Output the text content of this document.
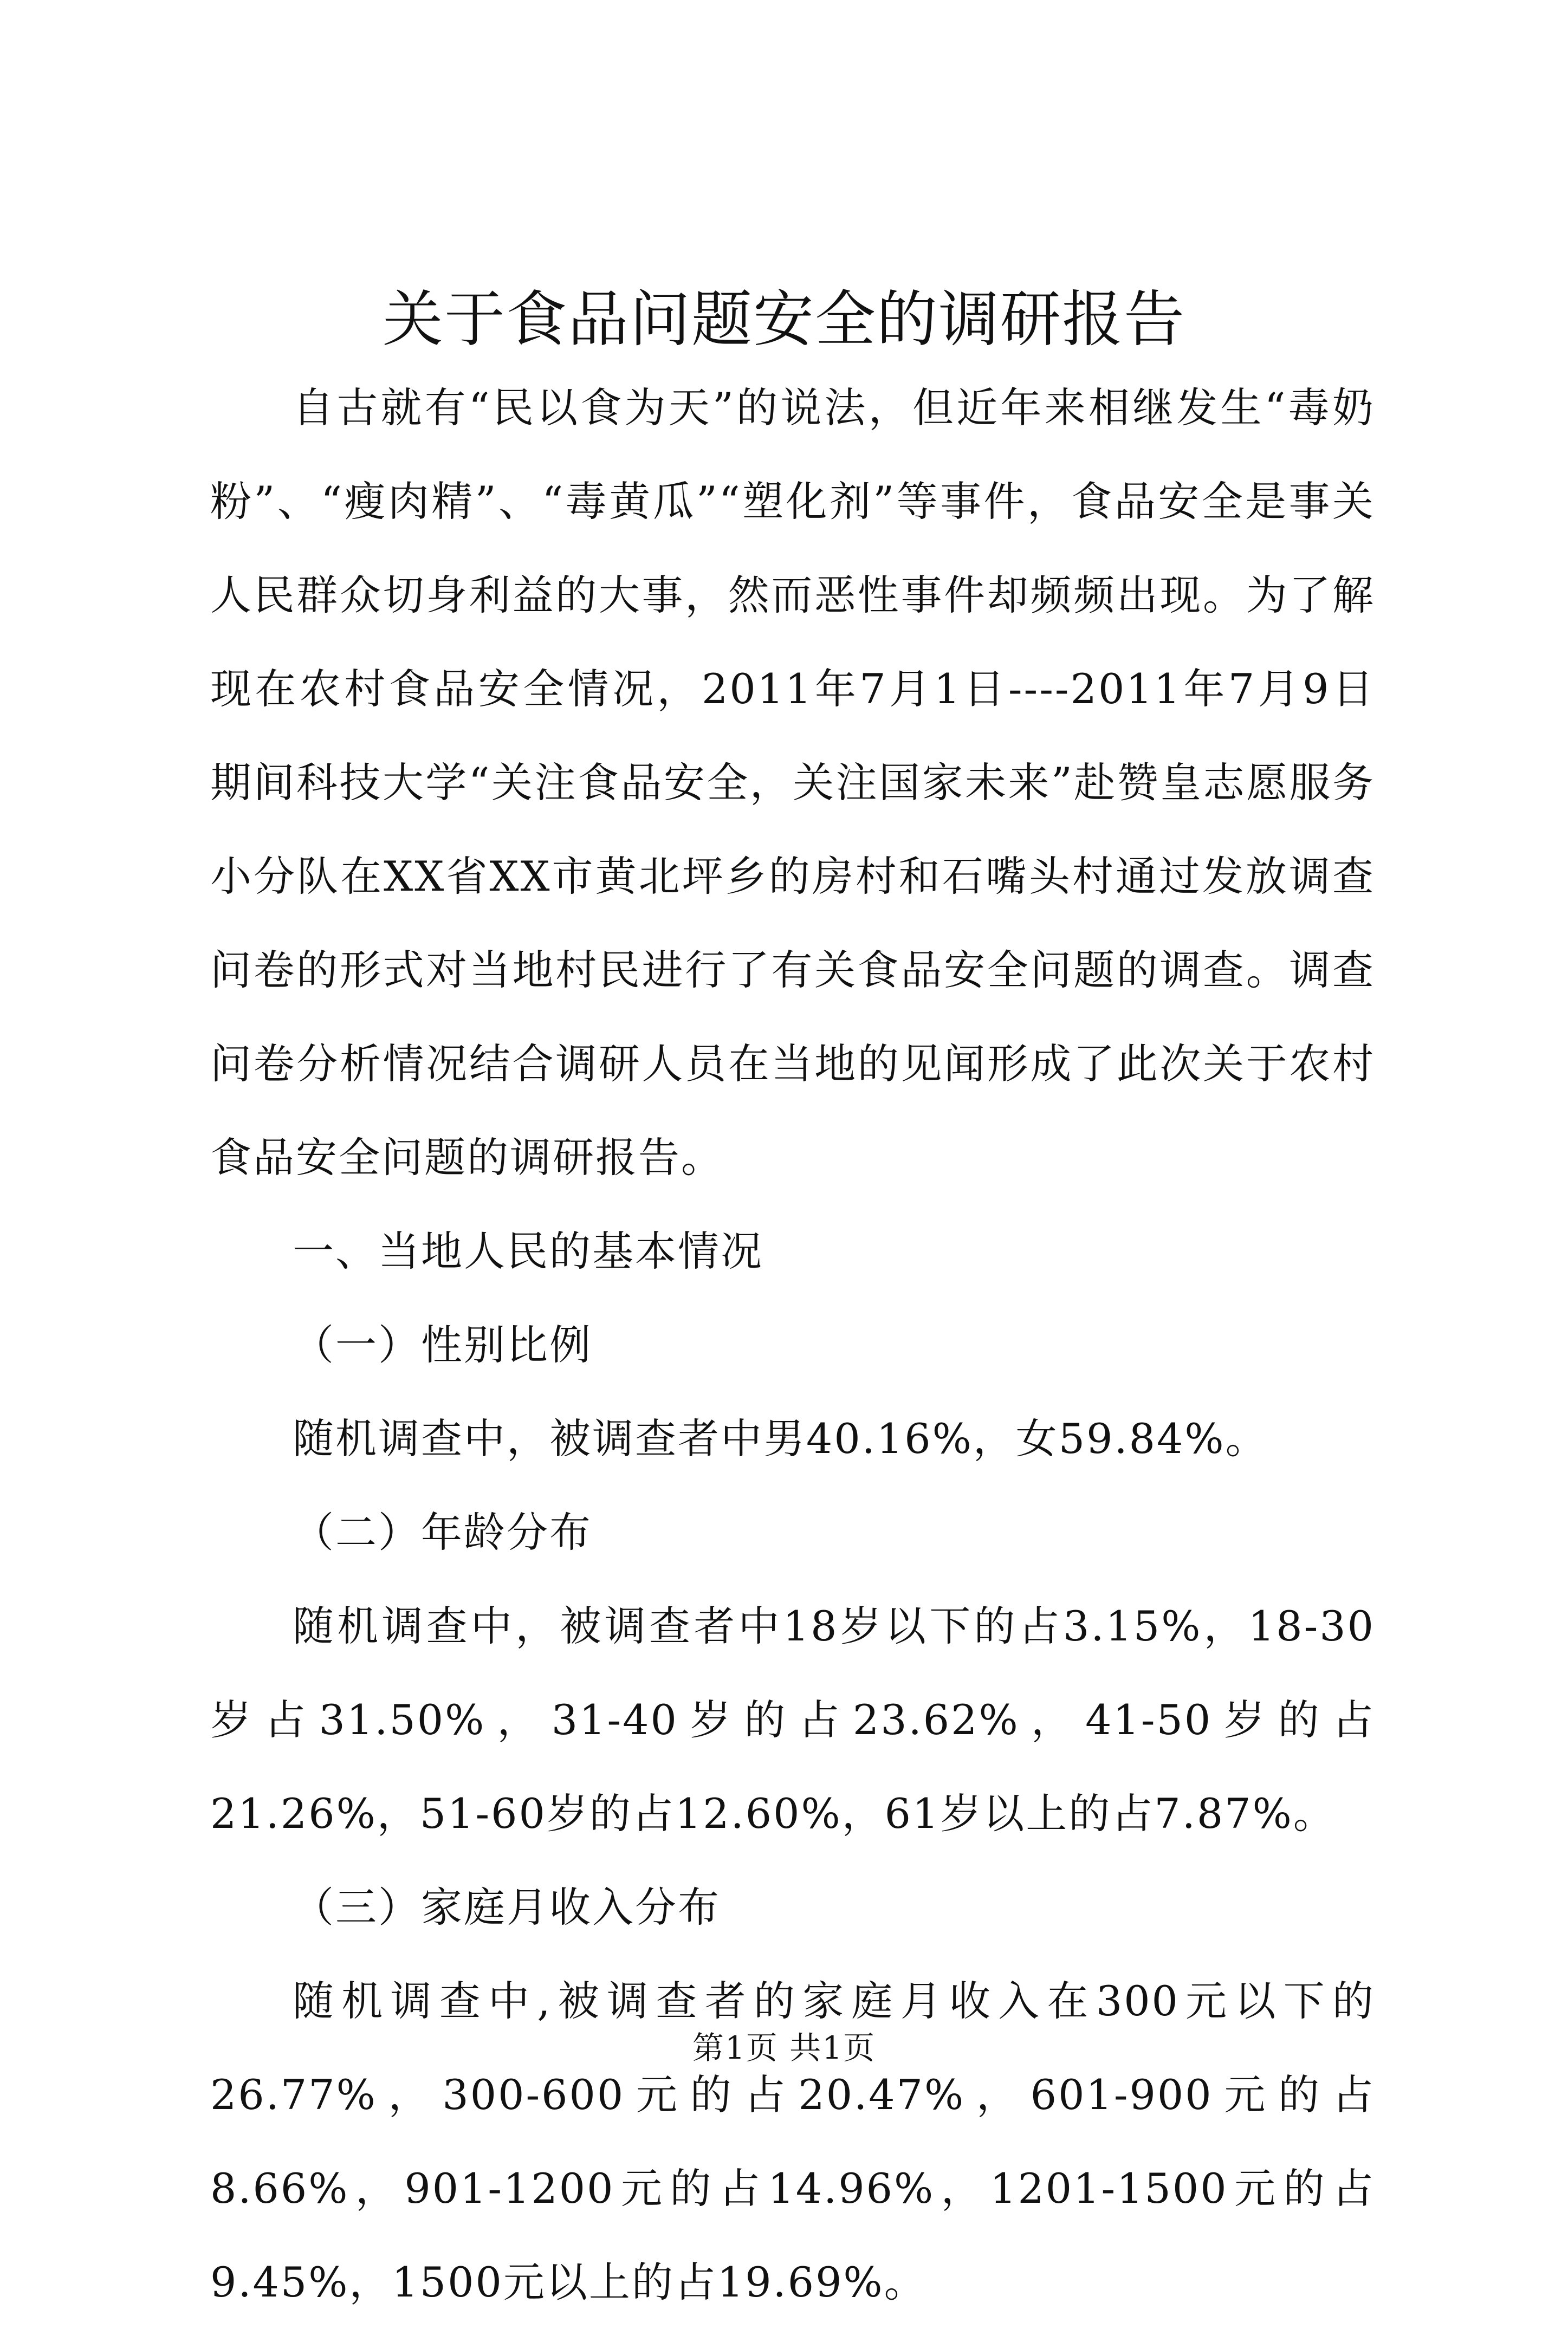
关于食品问题安全的调研报告

自古就有“民以食为天”的说法，但近年来相继发生“毒奶粉”、“瘦肉精”、“毒黄瓜”“塑化剂”等事件，食品安全是事关人民群众切身利益的大事，然而恶性事件却频频出现。为了解现在农村食品安全情况，2011年7月1日----2011年7月9日期间科技大学“关注食品安全，关注国家未来”赴赞皇志愿服务小分队在XX省XX市黄北坪乡的房村和石嘴头村通过发放调查问卷的形式对当地村民进行了有关食品安全问题的调查。调查问卷分析情况结合调研人员在当地的见闻形成了此次关于农村食品安全问题的调研报告。

一、当地人民的基本情况

（一）性别比例

随机调查中，被调查者中男40.16%，女59.84%。

（二）年龄分布

随机调查中，被调查者中18岁以下的占3.15%，18-30岁占31.50%，31-40岁的占23.62%，41-50岁的占21.26%，51-60岁的占12.60%，61岁以上的占7.87%。

（三）家庭月收入分布

随机调查中,被调查者的家庭月收入在300元以下的26.77%，300-600元的占20.47%，601-900元的占8.66%，901-1200元的占14.96%，1201-1500元的占9.45%，1500元以上的占19.69%。

第1页 共1页
